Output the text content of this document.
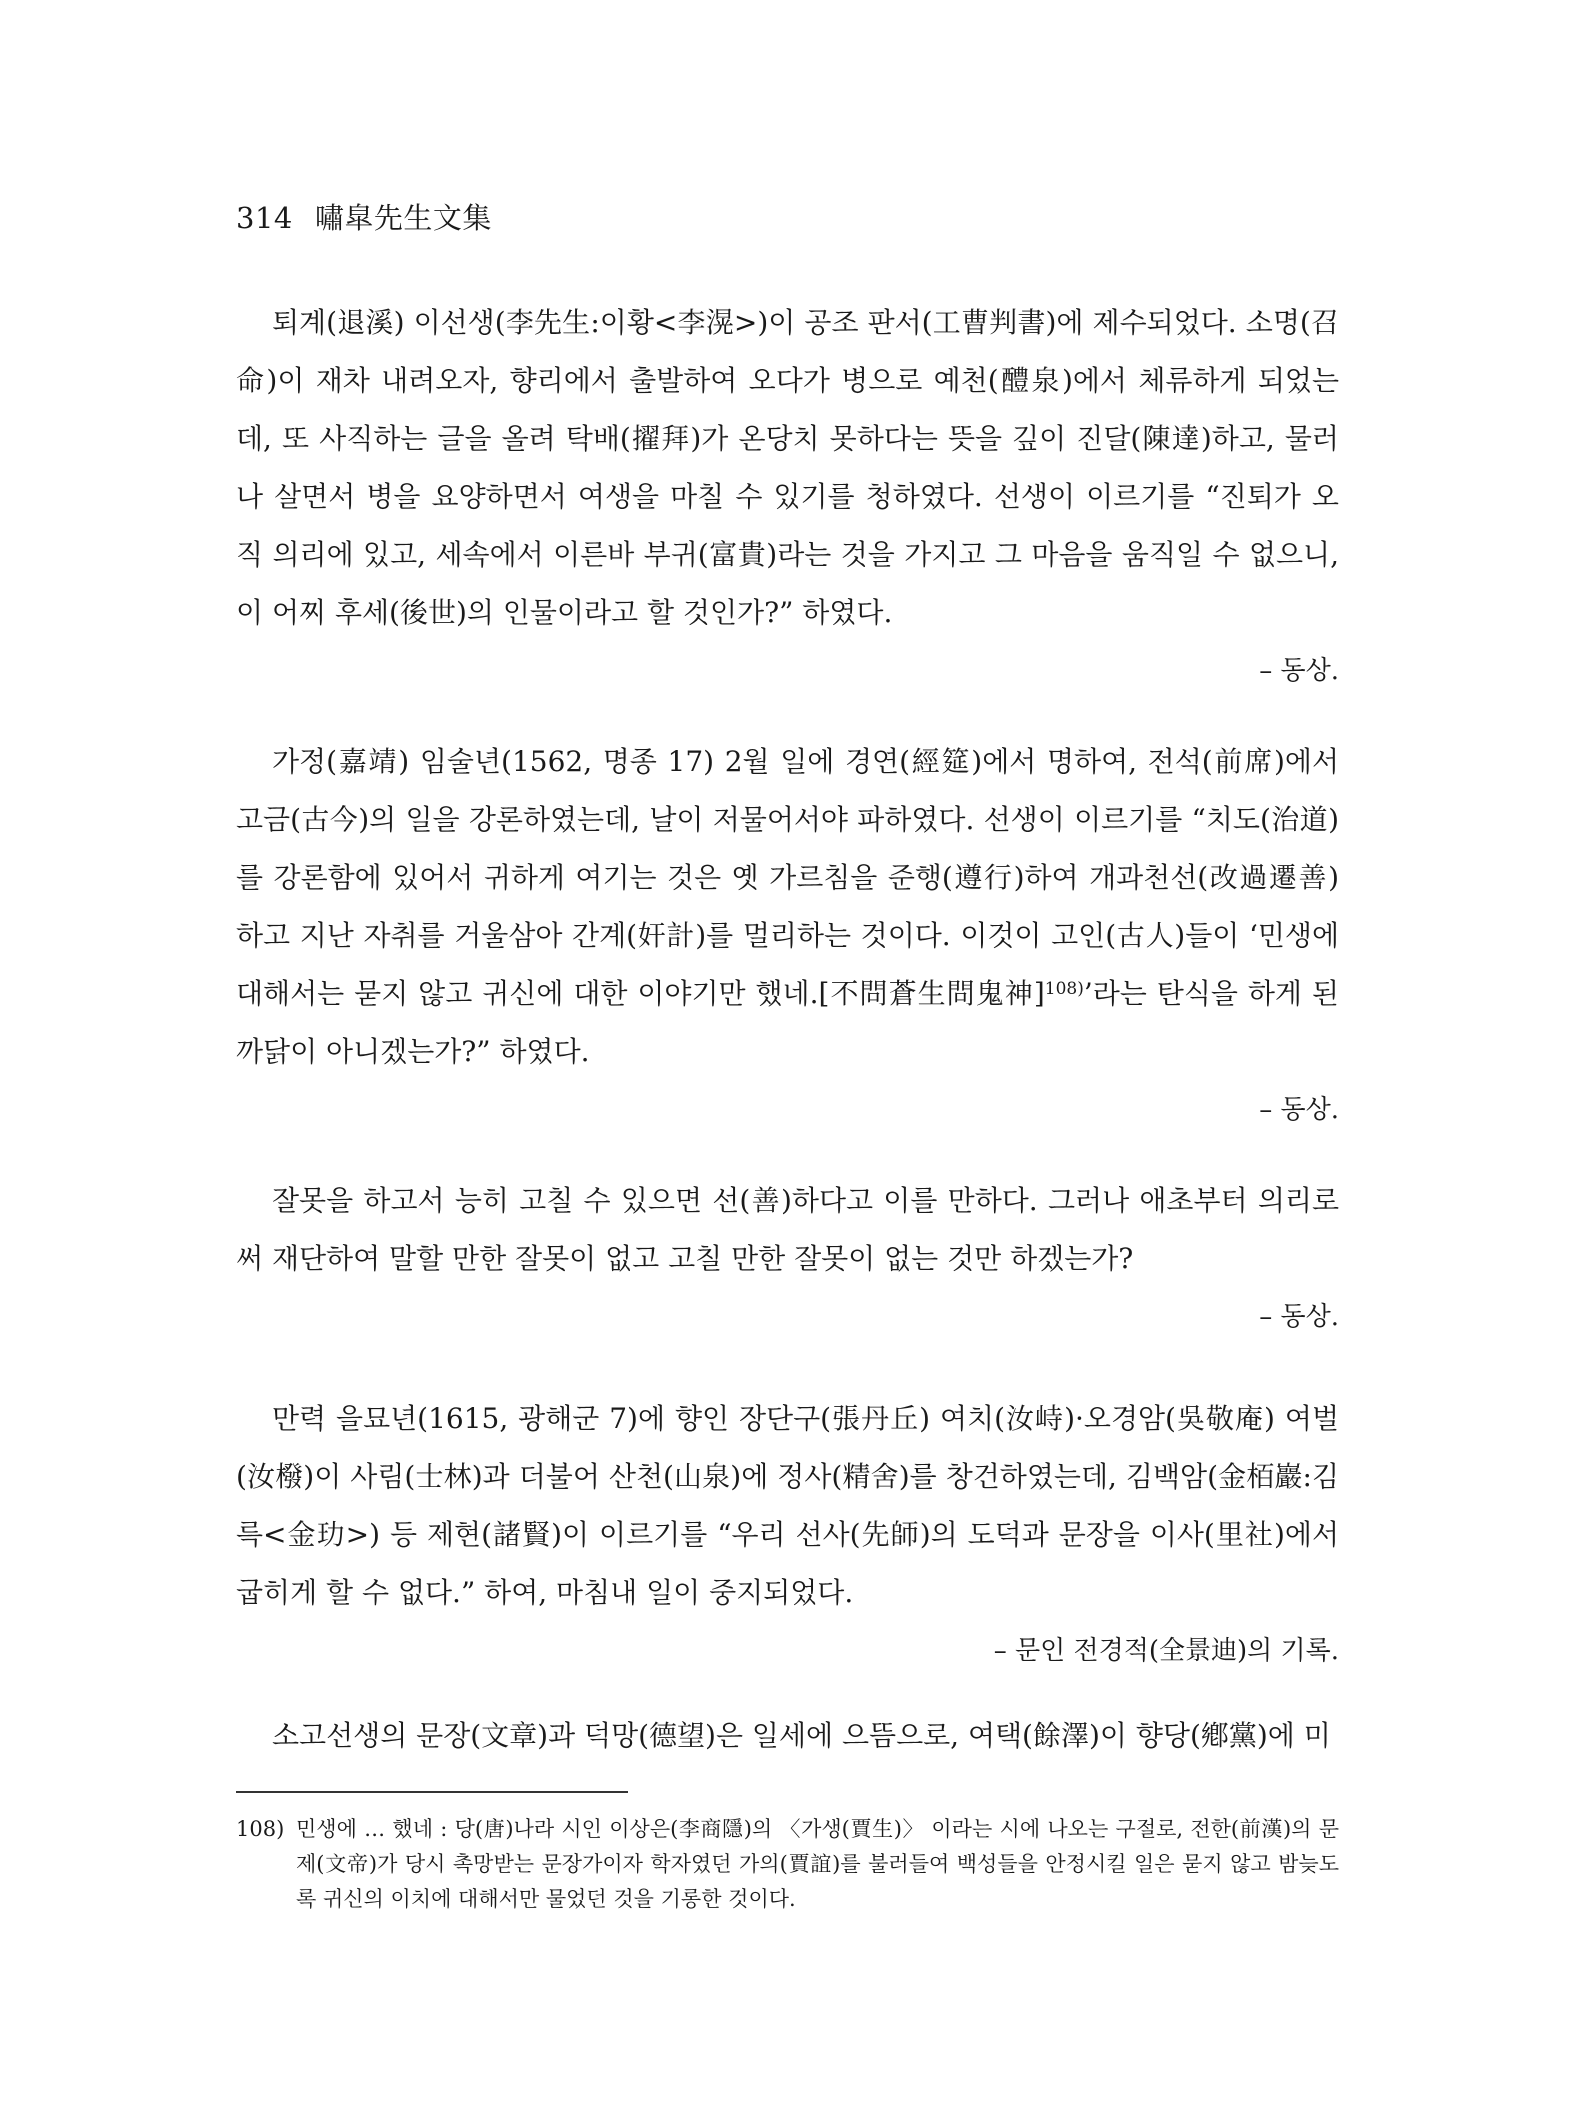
314 嘯皐先生文集

퇴계(退溪) 이선생(李先生:이황<李滉>)이 공조 판서(工曹判書)에 제수되었다. 소명(召命)이 재차 내려오자, 향리에서 출발하여 오다가 병으로 예천(醴泉)에서 체류하게 되었는데, 또 사직하는 글을 올려 탁배(擢拜)가 온당치 못하다는 뜻을 깊이 진달(陳達)하고, 물러나 살면서 병을 요양하면서 여생을 마칠 수 있기를 청하였다. 선생이 이르기를 “진퇴가 오직 의리에 있고, 세속에서 이른바 부귀(富貴)라는 것을 가지고 그 마음을 움직일 수 없으니, 이 어찌 후세(後世)의 인물이라고 할 것인가?” 하였다.

– 동상.

가정(嘉靖) 임술년(1562, 명종 17) 2월 일에 경연(經筵)에서 명하여, 전석(前席)에서 고금(古今)의 일을 강론하였는데, 날이 저물어서야 파하였다. 선생이 이르기를 “치도(治道)를 강론함에 있어서 귀하게 여기는 것은 옛 가르침을 준행(遵行)하여 개과천선(改過遷善)하고 지난 자취를 거울삼아 간계(奸計)를 멀리하는 것이다. 이것이 고인(古人)들이 ‘민생에 대해서는 묻지 않고 귀신에 대한 이야기만 했네.[不問蒼生問鬼神]$^{108)}$’라는 탄식을 하게 된 까닭이 아니겠는가?” 하였다.

– 동상.

잘못을 하고서 능히 고칠 수 있으면 선(善)하다고 이를 만하다. 그러나 애초부터 의리로써 재단하여 말할 만한 잘못이 없고 고칠 만한 잘못이 없는 것만 하겠는가?

– 동상.

만력 을묘년(1615, 광해군 7)에 향인 장단구(張丹丘) 여치(汝峙)·오경암(吳敬庵) 여벌(汝橃)이 사림(士林)과 더불어 산천(山泉)에 정사(精舍)를 창건하였는데, 김백암(金栢巖:김륵<金玏>) 등 제현(諸賢)이 이르기를 “우리 선사(先師)의 도덕과 문장을 이사(里社)에서 굽히게 할 수 없다.” 하여, 마침내 일이 중지되었다.

– 문인 전경적(全景迪)의 기록.

소고선생의 문장(文章)과 덕망(德望)은 일세에 으뜸으로, 여택(餘澤)이 향당(鄕黨)에 미

108) 민생에 … 했네 : 당(唐)나라 시인 이상은(李商隱)의 〈가생(賈生)〉 이라는 시에 나오는 구절로, 전한(前漢)의 문제(文帝)가 당시 촉망받는 문장가이자 학자였던 가의(賈誼)를 불러들여 백성들을 안정시킬 일은 묻지 않고 밤늦도록 귀신의 이치에 대해서만 물었던 것을 기롱한 것이다.
